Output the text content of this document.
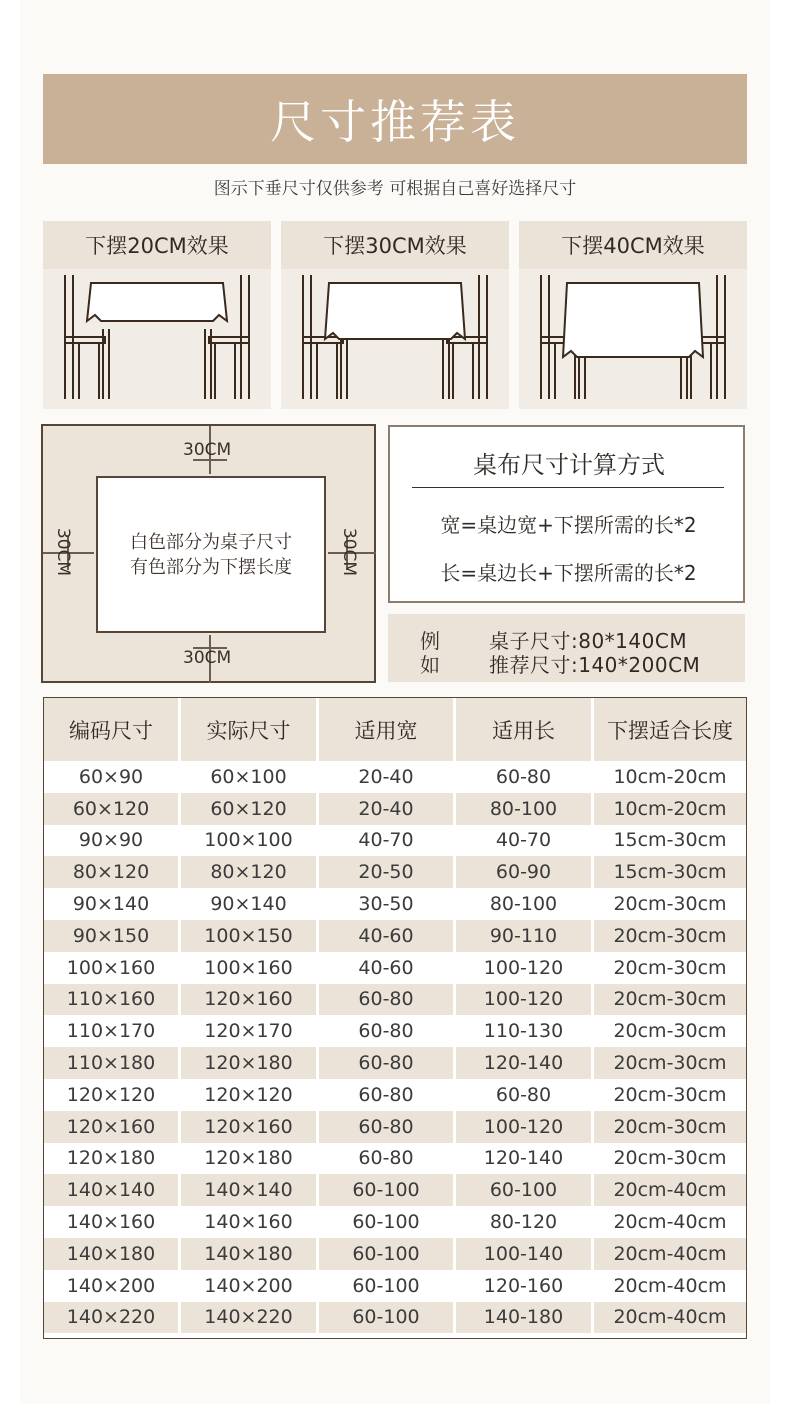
尺寸推荐表
图示下垂尺寸仅供参考 可根据自己喜好选择尺寸
下摆20CM效果	下摆30CM效果	下摆40CM效果
30CM
30CM
30CM	30CM
白色部分为桌子尺寸
有色部分为下摆长度
桌布尺寸计算方式
宽=桌边宽+下摆所需的长*2
长=桌边长+下摆所需的长*2
例
如
桌子尺寸:80*140CM
推荐尺寸:140*200CM
编码尺寸	实际尺寸	适用宽	适用长	下摆适合长度
60×90	60×100	20-40	60-80	10cm-20cm
60×120	60×120	20-40	80-100	10cm-20cm
90×90	100×100	40-70	40-70	15cm-30cm
80×120	80×120	20-50	60-90	15cm-30cm
90×140	90×140	30-50	80-100	20cm-30cm
90×150	100×150	40-60	90-110	20cm-30cm
100×160	100×160	40-60	100-120	20cm-30cm
110×160	120×160	60-80	100-120	20cm-30cm
110×170	120×170	60-80	110-130	20cm-30cm
110×180	120×180	60-80	120-140	20cm-30cm
120×120	120×120	60-80	60-80	20cm-30cm
120×160	120×160	60-80	100-120	20cm-30cm
120×180	120×180	60-80	120-140	20cm-30cm
140×140	140×140	60-100	60-100	20cm-40cm
140×160	140×160	60-100	80-120	20cm-40cm
140×180	140×180	60-100	100-140	20cm-40cm
140×200	140×200	60-100	120-160	20cm-40cm
140×220	140×220	60-100	140-180	20cm-40cm
